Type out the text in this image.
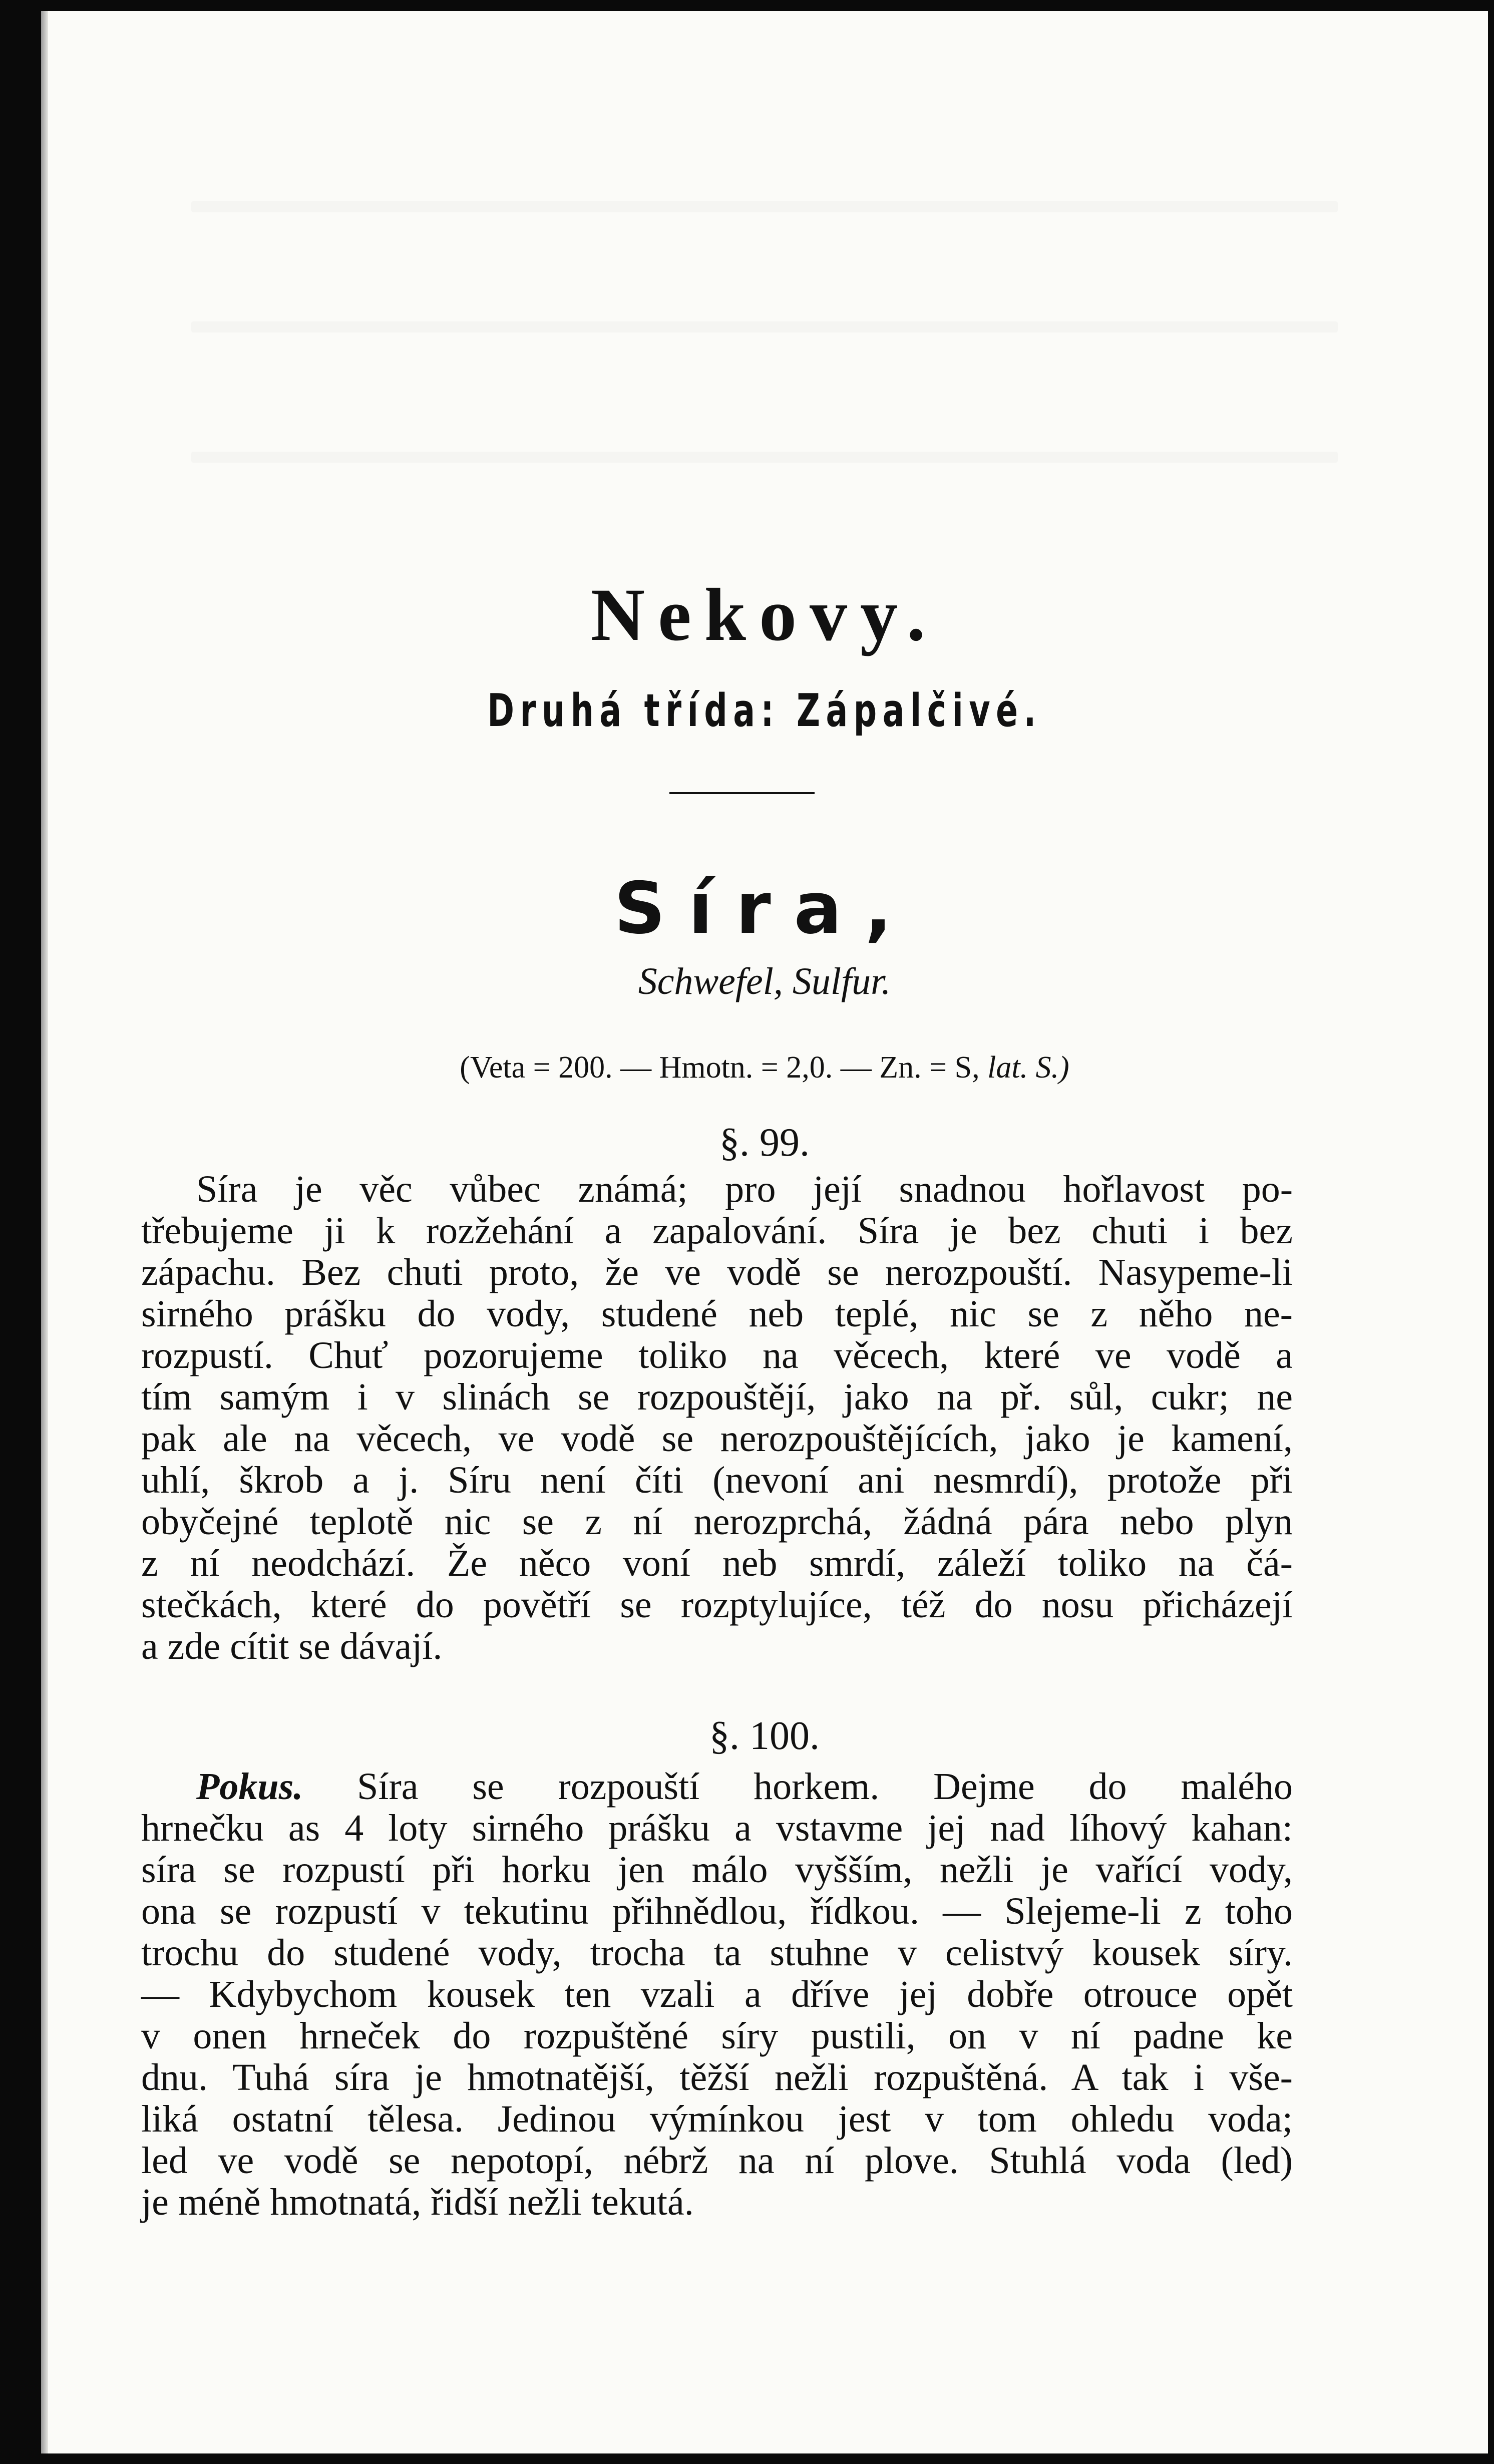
Nekovy.
Druhá třída: Zápalčivé.
Síra,
Schwefel, Sulfur.
(Veta = 200. — Hmotn. = 2,0. — Zn. = S, lat. S.)
§. 99.
Síra je věc vůbec známá; pro její snadnou hořlavost po-
třebujeme ji k rozžehání a zapalování. Síra je bez chuti i bez
zápachu. Bez chuti proto, že ve vodě se nerozpouští. Nasypeme-li
sirného prášku do vody, studené neb teplé, nic se z něho ne-
rozpustí. Chuť pozorujeme toliko na věcech, které ve vodě a
tím samým i v slinách se rozpouštějí, jako na př. sůl, cukr; ne
pak ale na věcech, ve vodě se nerozpouštějících, jako je kamení,
uhlí, škrob a j. Síru není číti (nevoní ani nesmrdí), protože při
obyčejné teplotě nic se z ní nerozprchá, žádná pára nebo plyn
z ní neodchází. Že něco voní neb smrdí, záleží toliko na čá-
stečkách, které do povětří se rozptylujíce, též do nosu přicházejí
a zde cítit se dávají.
§. 100.
Pokus. Síra se rozpouští horkem. Dejme do malého
hrnečku as 4 loty sirného prášku a vstavme jej nad líhový kahan:
síra se rozpustí při horku jen málo vyšším, nežli je vařící vody,
ona se rozpustí v tekutinu přihnědlou, řídkou. — Slejeme-li z toho
trochu do studené vody, trocha ta stuhne v celistvý kousek síry.
— Kdybychom kousek ten vzali a dříve jej dobře otrouce opět
v onen hrneček do rozpuštěné síry pustili, on v ní padne ke
dnu. Tuhá síra je hmotnatější, těžší nežli rozpuštěná. A tak i vše-
liká ostatní tělesa. Jedinou výmínkou jest v tom ohledu voda;
led ve vodě se nepotopí, nébrž na ní plove. Stuhlá voda (led)
je méně hmotnatá, řidší nežli tekutá.
